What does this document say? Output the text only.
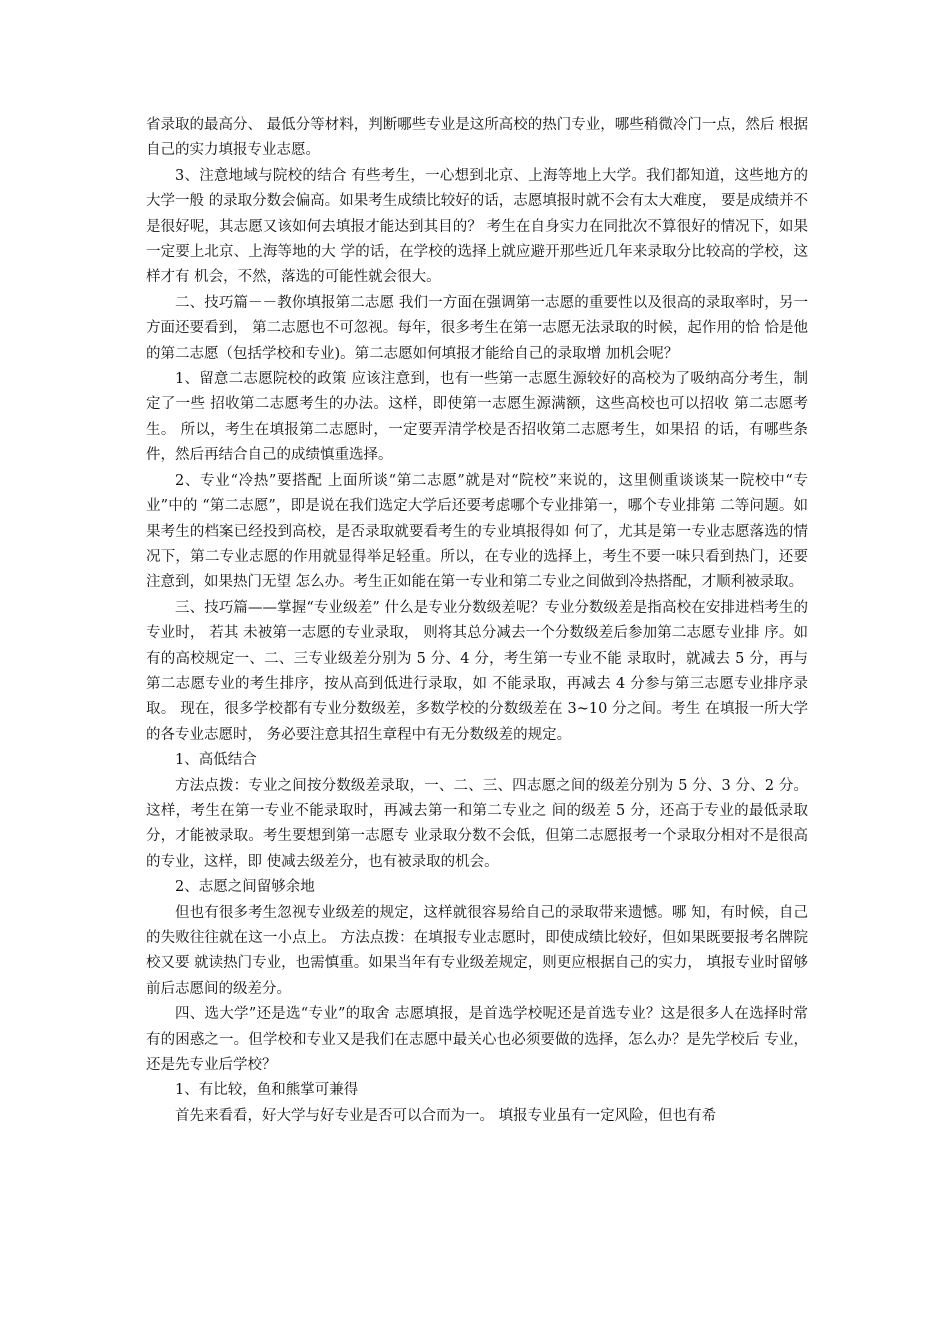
省录取的最高分、 最低分等材料，判断哪些专业是这所高校的热门专业，哪些稍微冷门一点，然后 根据自己的实力填报专业志愿。

3、注意地域与院校的结合 有些考生，一心想到北京、上海等地上大学。我们都知道，这些地方的大学一般 的录取分数会偏高。如果考生成绩比较好的话，志愿填报时就不会有太大难度， 要是成绩并不是很好呢，其志愿又该如何去填报才能达到其目的？ 考生在自身实力在同批次不算很好的情况下，如果一定要上北京、上海等地的大 学的话，在学校的选择上就应避开那些近几年来录取分比较高的学校，这样才有 机会，不然，落选的可能性就会很大。

二、技巧篇－－教你填报第二志愿 我们一方面在强调第一志愿的重要性以及很高的录取率时，另一方面还要看到， 第二志愿也不可忽视。每年，很多考生在第一志愿无法录取的时候，起作用的恰 恰是他的第二志愿（包括学校和专业)。第二志愿如何填报才能给自己的录取增 加机会呢？

1、留意二志愿院校的政策 应该注意到，也有一些第一志愿生源较好的高校为了吸纳高分考生，制定了一些 招收第二志愿考生的办法。这样，即使第一志愿生源满额，这些高校也可以招收 第二志愿考生。 所以，考生在填报第二志愿时，一定要弄清学校是否招收第二志愿考生，如果招 的话，有哪些条件，然后再结合自己的成绩慎重选择。

2、专业“冷热”要搭配 上面所谈“第二志愿”就是对“院校”来说的，这里侧重谈谈某一院校中“专业”中的 “第二志愿”，即是说在我们选定大学后还要考虑哪个专业排第一，哪个专业排第 二等问题。如果考生的档案已经投到高校，是否录取就要看考生的专业填报得如 何了，尤其是第一专业志愿落选的情况下，第二专业志愿的作用就显得举足轻重。所以，在专业的选择上，考生不要一味只看到热门，还要注意到，如果热门无望 怎么办。考生正如能在第一专业和第二专业之间做到冷热搭配，才顺利被录取。

三、技巧篇——掌握“专业级差” 什么是专业分数级差呢？专业分数级差是指高校在安排进档考生的专业时， 若其 未被第一志愿的专业录取， 则将其总分减去一个分数级差后参加第二志愿专业排 序。如有的高校规定一、二、三专业级差分别为 5 分、4 分，考生第一专业不能 录取时，就减去 5 分，再与第二志愿专业的考生排序，按从高到低进行录取，如 不能录取，再减去 4 分参与第三志愿专业排序录取。 现在，很多学校都有专业分数级差，多数学校的分数级差在 3~10 分之间。考生 在填报一所大学的各专业志愿时， 务必要注意其招生章程中有无分数级差的规定。

1、高低结合

方法点拨：专业之间按分数级差录取，一、二、三、四志愿之间的级差分别为 5 分、3 分、2 分。这样，考生在第一专业不能录取时，再减去第一和第二专业之 间的级差 5 分，还高于专业的最低录取分，才能被录取。考生要想到第一志愿专 业录取分数不会低，但第二志愿报考一个录取分相对不是很高的专业，这样，即 使减去级差分，也有被录取的机会。

2、志愿之间留够余地

但也有很多考生忽视专业级差的规定，这样就很容易给自己的录取带来遗憾。哪 知，有时候，自己的失败往往就在这一小点上。 方法点拨：在填报专业志愿时，即使成绩比较好，但如果既要报考名牌院校又要 就读热门专业，也需慎重。如果当年有专业级差规定，则更应根据自己的实力， 填报专业时留够前后志愿间的级差分。

四、选大学”还是选“专业”的取舍 志愿填报，是首选学校呢还是首选专业？这是很多人在选择时常有的困惑之一。但学校和专业又是我们在志愿中最关心也必须要做的选择，怎么办？是先学校后 专业，还是先专业后学校？

1、有比较，鱼和熊掌可兼得

首先来看看，好大学与好专业是否可以合而为一。 填报专业虽有一定风险，但也有希
